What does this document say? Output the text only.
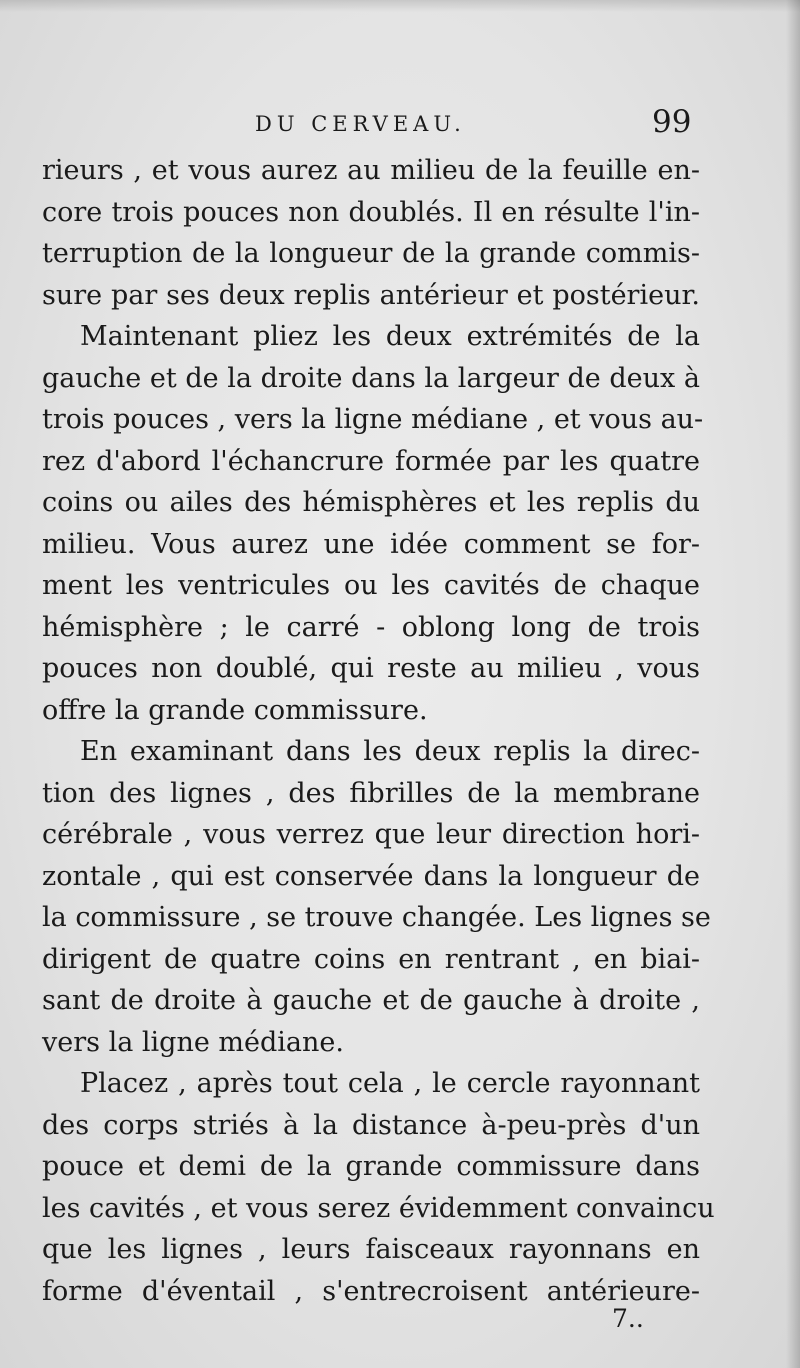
DU CERVEAU.	99
rieurs , et vous aurez au milieu de la feuille en-
core trois pouces non doublés. Il en résulte l'in-
terruption de la longueur de la grande commis-
sure par ses deux replis antérieur et postérieur.
Maintenant pliez les deux extrémités de la
gauche et de la droite dans la largeur de deux à
trois pouces , vers la ligne médiane , et vous au-
rez d'abord l'échancrure formée par les quatre
coins ou ailes des hémisphères et les replis du
milieu. Vous aurez une idée comment se for-
ment les ventricules ou les cavités de chaque
hémisphère ; le carré - oblong long de trois
pouces non doublé, qui reste au milieu , vous
offre la grande commissure.
En examinant dans les deux replis la direc-
tion des lignes , des fibrilles de la membrane
cérébrale , vous verrez que leur direction hori-
zontale , qui est conservée dans la longueur de
la commissure , se trouve changée. Les lignes se
dirigent de quatre coins en rentrant , en biai-
sant de droite à gauche et de gauche à droite ,
vers la ligne médiane.
Placez , après tout cela , le cercle rayonnant
des corps striés à la distance à-peu-près d'un
pouce et demi de la grande commissure dans
les cavités , et vous serez évidemment convaincu
que les lignes , leurs faisceaux rayonnans en
forme d'éventail , s'entrecroisent antérieure-
7..
